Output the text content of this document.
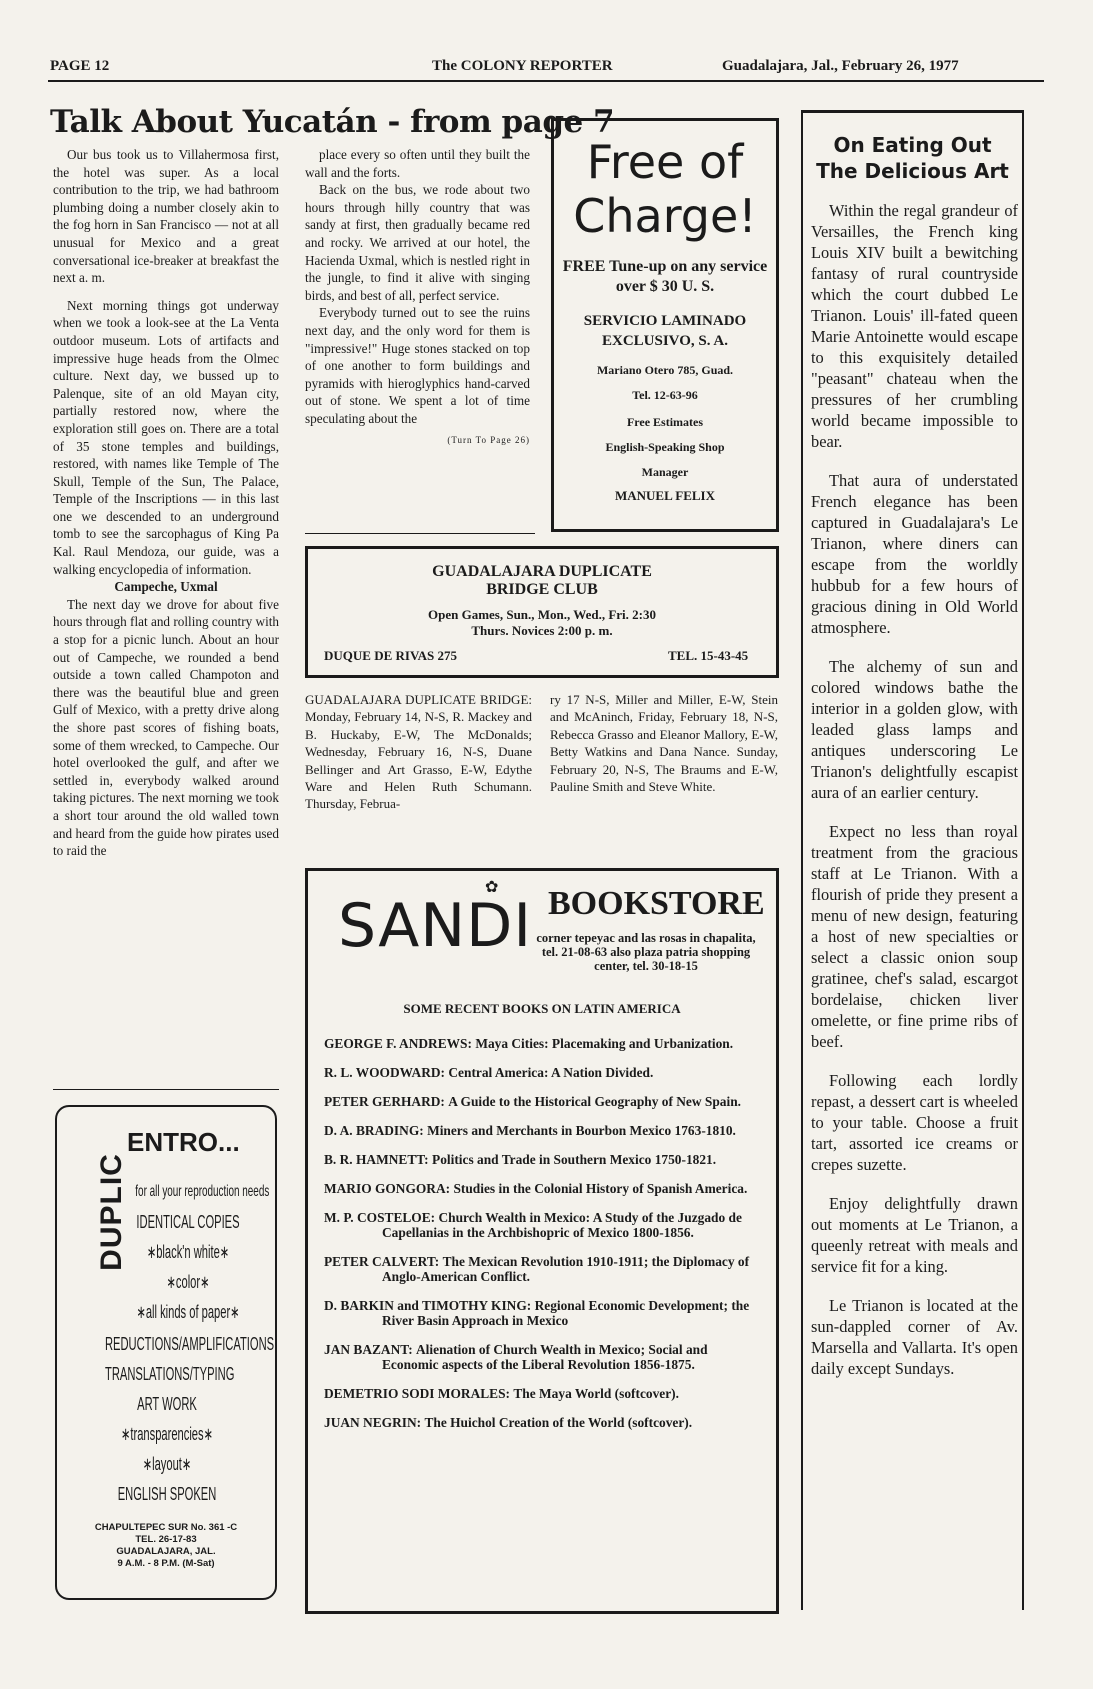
PAGE 12	The COLONY REPORTER	Guadalajara, Jal., February 26, 1977
Talk About Yucatán - from page 7

Our bus took us to Villahermosa first, the hotel was super. As a local contribution to the trip, we had bathroom plumbing doing a number closely akin to the fog horn in San Francisco — not at all unusual for Mexico and a great conversational ice-breaker at breakfast the next a. m.

Next morning things got underway when we took a look-see at the La Venta outdoor museum. Lots of artifacts and impressive huge heads from the Olmec culture. Next day, we bussed up to Palenque, site of an old Mayan city, partially restored now, where the exploration still goes on. There are a total of 35 stone temples and buildings, restored, with names like Temple of The Skull, Temple of the Sun, The Palace, Temple of the Inscriptions — in this last one we descended to an underground tomb to see the sarcophagus of King Pa Kal. Raul Mendoza, our guide, was a walking encyclopedia of information.

Campeche, Uxmal

The next day we drove for about five hours through flat and rolling country with a stop for a picnic lunch. About an hour out of Campeche, we rounded a bend outside a town called Champoton and there was the beautiful blue and green Gulf of Mexico, with a pretty drive along the shore past scores of fishing boats, some of them wrecked, to Campeche. Our hotel overlooked the gulf, and after we settled in, everybody walked around taking pictures. The next morning we took a short tour around the old walled town and heard from the guide how pirates used to raid the

place every so often until they built the wall and the forts.

Back on the bus, we rode about two hours through hilly country that was sandy at first, then gradually became red and rocky. We arrived at our hotel, the Hacienda Uxmal, which is nestled right in the jungle, to find it alive with singing birds, and best of all, perfect service.

Everybody turned out to see the ruins next day, and the only word for them is "impressive!" Huge stones stacked on top of one another to form buildings and pyramids with hieroglyphics hand-carved out of stone. We spent a lot of time speculating about the

(Turn To Page 26)

Free of
Charge!
FREE Tune-up on any service over $ 30 U. S.
SERVICIO LAMINADO EXCLUSIVO, S. A.
Mariano Otero 785, Guad.
Tel. 12-63-96
Free Estimates
English-Speaking Shop
Manager
MANUEL FELIX
GUADALAJARA DUPLICATE
BRIDGE CLUB
Open Games, Sun., Mon., Wed., Fri. 2:30
Thurs. Novices 2:00 p. m.
DUQUE DE RIVAS 275	TEL. 15-43-45
GUADALAJARA DUPLICATE BRIDGE: Monday, February 14, N-S, R. Mackey and B. Huckaby, E-W, The McDonalds; Wednesday, February 16, N-S, Duane Bellinger and Art Grasso, E-W, Edythe Ware and Helen Ruth Schumann. Thursday, Februa-
ry 17 N-S, Miller and Miller, E-W, Stein and McAninch, Friday, February 18, N-S, Rebecca Grasso and Eleanor Mallory, E-W, Betty Watkins and Dana Nance. Sunday, February 20, N-S, The Braums and E-W, Pauline Smith and Steve White.
SANDI
✿ BOOKSTORE
corner tepeyac and las rosas in chapalita, tel. 21-08-63 also plaza patria shopping center, tel. 30-18-15
SOME RECENT BOOKS ON LATIN AMERICA
GEORGE F. ANDREWS: Maya Cities: Placemaking and Urbanization.
R. L. WOODWARD: Central America: A Nation Divided.
PETER GERHARD: A Guide to the Historical Geography of New Spain.
D. A. BRADING: Miners and Merchants in Bourbon Mexico 1763-1810.
B. R. HAMNETT: Politics and Trade in Southern Mexico 1750-1821.
MARIO GONGORA: Studies in the Colonial History of Spanish America.
M. P. COSTELOE: Church Wealth in Mexico: A Study of the Juzgado de Capellanias in the Archbishopric of Mexico 1800-1856.
PETER CALVERT: The Mexican Revolution 1910-1911; the Diplomacy of Anglo-American Conflict.
D. BARKIN and TIMOTHY KING: Regional Economic Development; the River Basin Approach in Mexico
JAN BAZANT: Alienation of Church Wealth in Mexico; Social and Economic aspects of the Liberal Revolution 1856-1875.
DEMETRIO SODI MORALES: The Maya World (softcover).
JUAN NEGRIN: The Huichol Creation of the World (softcover).
DUPLIC
ENTRO...
for all your reproduction needs
IDENTICAL COPIES
∗black'n white∗
∗color∗
∗all kinds of paper∗
REDUCTIONS/AMPLIFICATIONS
TRANSLATIONS/TYPING
ART WORK
∗transparencies∗
∗layout∗
ENGLISH SPOKEN
CHAPULTEPEC SUR No. 361 -C
TEL. 26-17-83
GUADALAJARA, JAL.
9 A.M. - 8 P.M. (M-Sat)
On Eating Out
The Delicious Art

Within the regal grandeur of Versailles, the French king Louis XIV built a bewitching fantasy of rural countryside which the court dubbed Le Trianon. Louis' ill-fated queen Marie Antoinette would escape to this exquisitely detailed "peasant" chateau when the pressures of her crumbling world became impossible to bear.

That aura of understated French elegance has been captured in Guadalajara's Le Trianon, where diners can escape from the worldly hubbub for a few hours of gracious dining in Old World atmosphere.

The alchemy of sun and colored windows bathe the interior in a golden glow, with leaded glass lamps and antiques underscoring Le Trianon's delightfully escapist aura of an earlier century.

Expect no less than royal treatment from the gracious staff at Le Trianon. With a flourish of pride they present a menu of new design, featuring a host of new specialties or select a classic onion soup gratinee, chef's salad, escargot bordelaise, chicken liver omelette, or fine prime ribs of beef.

Following each lordly repast, a dessert cart is wheeled to your table. Choose a fruit tart, assorted ice creams or crepes suzette.

Enjoy delightfully drawn out moments at Le Trianon, a queenly retreat with meals and service fit for a king.

Le Trianon is located at the sun-dappled corner of Av. Marsella and Vallarta. It's open daily except Sundays.
